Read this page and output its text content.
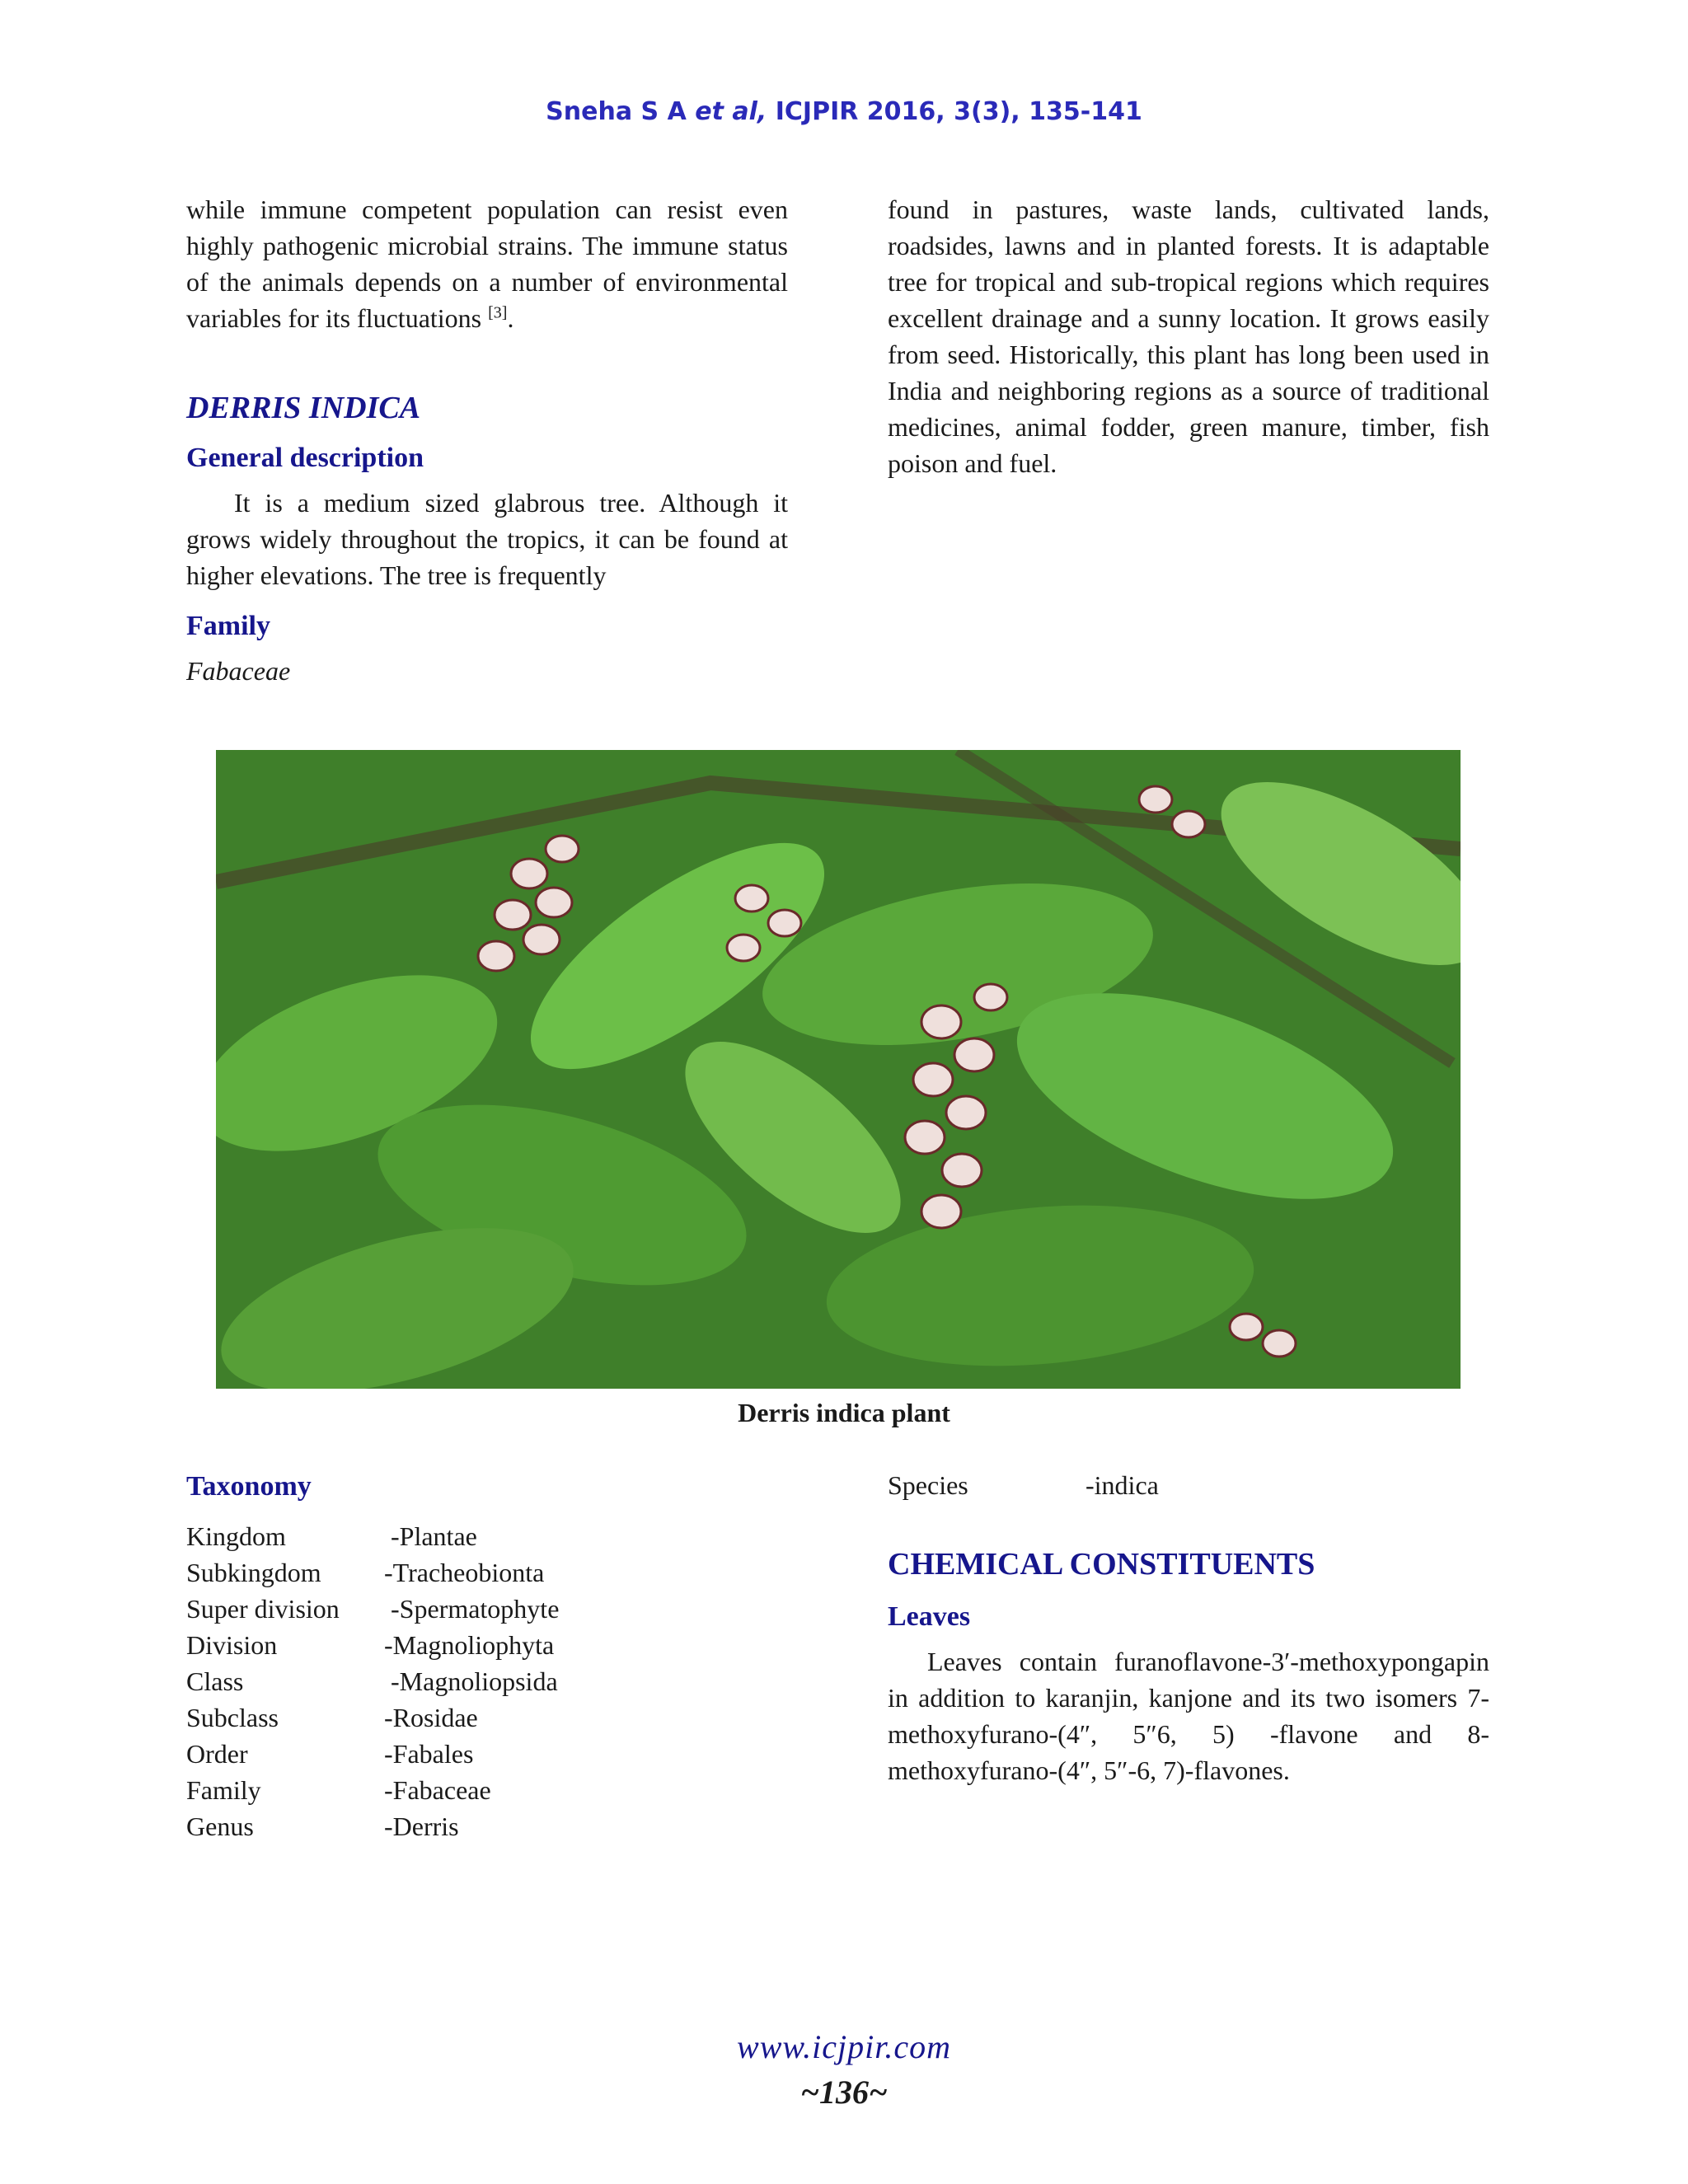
Sneha S A et al, ICJPIR 2016, 3(3), 135-141

while immune competent population can resist even highly pathogenic microbial strains. The immune status of the animals depends on a number of environmental variables for its fluctuations [3].

DERRIS INDICA
General description

It is a medium sized glabrous tree. Although it grows widely throughout the tropics, it can be found at higher elevations. The tree is frequently

Family
Fabaceae

found in pastures, waste lands, cultivated lands, roadsides, lawns and in planted forests. It is adaptable tree for tropical and sub-tropical regions which requires excellent drainage and a sunny location. It grows easily from seed. Historically, this plant has long been used in India and neighboring regions as a source of traditional medicines, animal fodder, green manure, timber, fish poison and fuel.

Derris indica plant
Taxonomy
Kingdom	-Plantae
Subkingdom	-Tracheobionta
Super division	-Spermatophyte
Division	-Magnoliophyta
Class	-Magnoliopsida
Subclass	-Rosidae
Order	-Fabales
Family	-Fabaceae
Genus	-Derris
Species	-indica
CHEMICAL CONSTITUENTS
Leaves

Leaves contain furanoflavone-3′-methoxypongapin in addition to karanjin, kanjone and its two isomers 7-methoxyfurano-(4″, 5″6, 5) -flavone and 8-methoxyfurano-(4″, 5″-6, 7)-flavones.

www.icjpir.com
~136~
